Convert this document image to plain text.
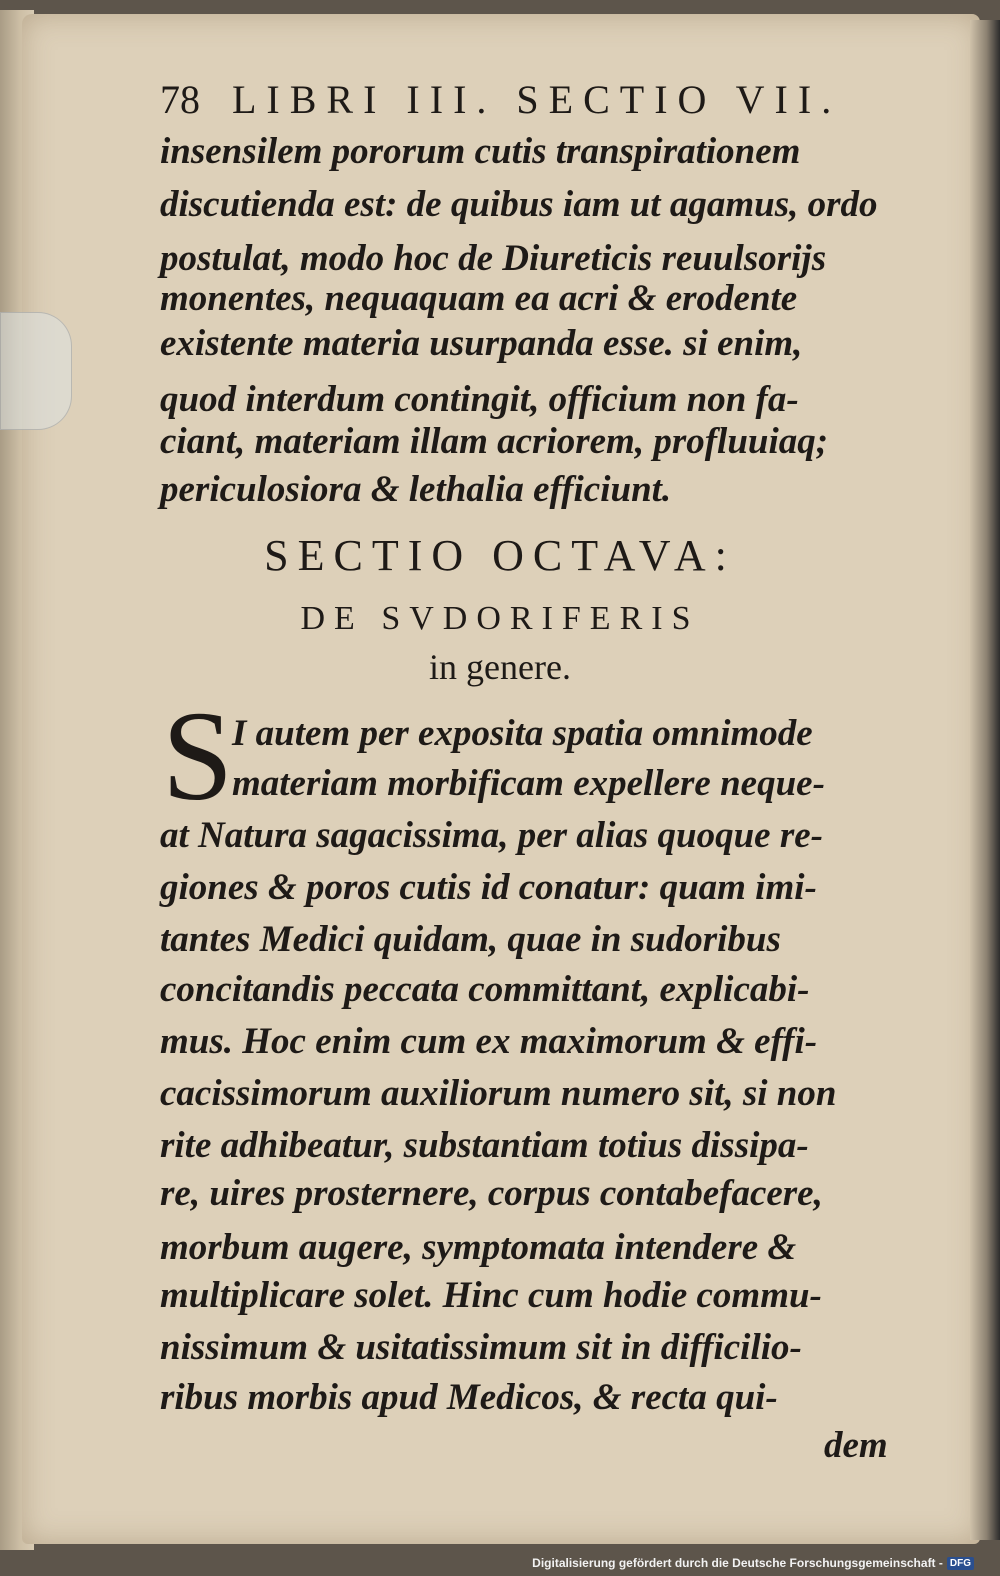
78 LIBRI III. SECTIO VII.
insensilem pororum cutis transpirationem
discutienda est: de quibus iam ut agamus, ordo
postulat, modo hoc de Diureticis reuulsorijs
monentes, nequaquam ea acri & erodente
existente materia usurpanda esse. si enim,
quod interdum contingit, officium non fa-
ciant, materiam illam acriorem, profluuiaq;
periculosiora & lethalia efficiunt.
SECTIO OCTAVA:
DE SVDORIFERIS
in genere.
S
I autem per exposita spatia omnimode
materiam morbificam expellere neque-
at Natura sagacissima, per alias quoque re-
giones & poros cutis id conatur: quam imi-
tantes Medici quidam, quae in sudoribus
concitandis peccata committant, explicabi-
mus. Hoc enim cum ex maximorum & effi-
cacissimorum auxiliorum numero sit, si non
rite adhibeatur, substantiam totius dissipa-
re, uires prosternere, corpus contabefacere,
morbum augere, symptomata intendere &
multiplicare solet. Hinc cum hodie commu-
nissimum & usitatissimum sit in difficilio-
ribus morbis apud Medicos, & recta qui-
dem
Digitalisierung gefördert durch die Deutsche Forschungsgemeinschaft - DFG
